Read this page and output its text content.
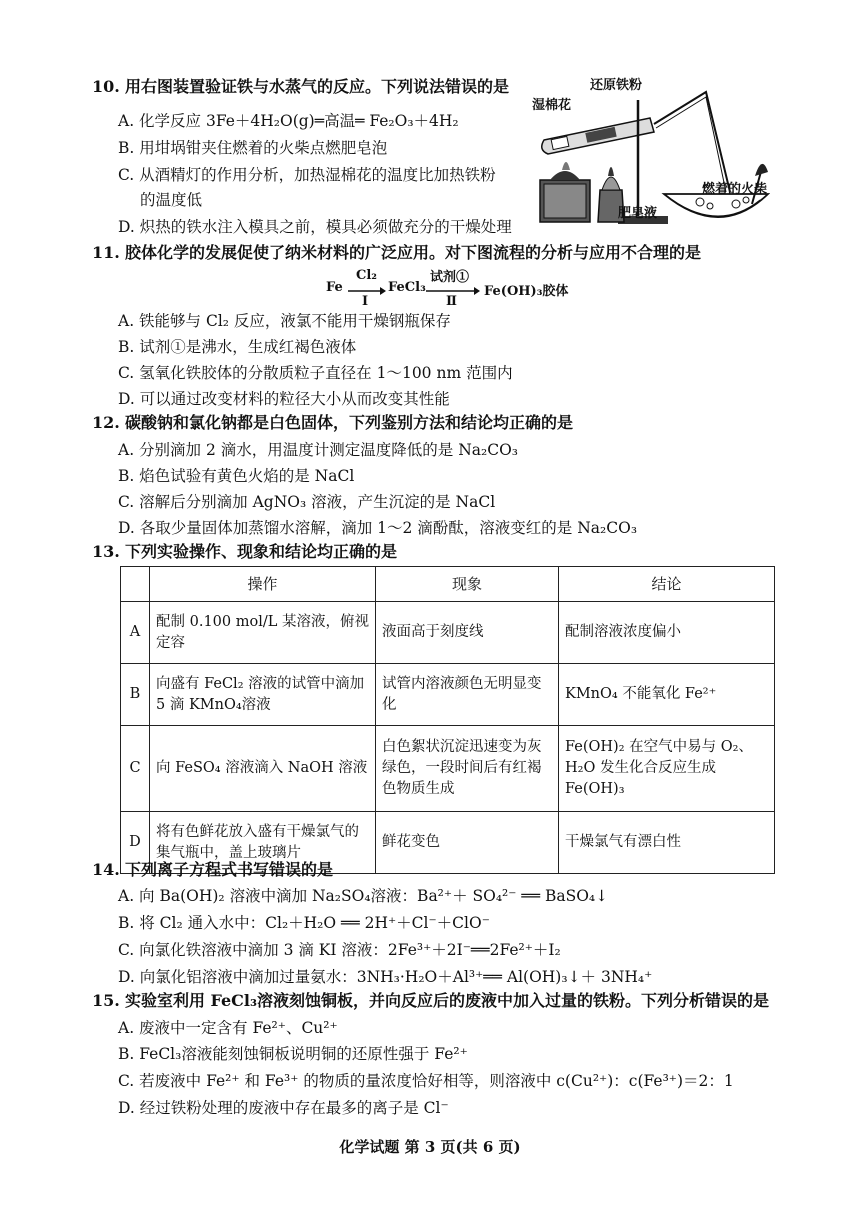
10. 用右图装置验证铁与水蒸气的反应。下列说法错误的是
A. 化学反应 3Fe＋4H₂O(g)═高温═ Fe₂O₃＋4H₂
B. 用坩埚钳夹住燃着的火柴点燃肥皂泡
C. 从酒精灯的作用分析，加热湿棉花的温度比加热铁粉
的温度低
D. 炽热的铁水注入模具之前，模具必须做充分的干燥处理
还原铁粉
湿棉花
肥皂液
燃着的火柴
11. 胶体化学的发展促使了纳米材料的广泛应用。对下图流程的分析与应用不合理的是
Fe
Cl₂
Ⅰ
FeCl₃
试剂①
Ⅱ
Fe(OH)₃胶体
A. 铁能够与 Cl₂ 反应，液氯不能用干燥钢瓶保存
B. 试剂①是沸水，生成红褐色液体
C. 氢氧化铁胶体的分散质粒子直径在 1～100 nm 范围内
D. 可以通过改变材料的粒径大小从而改变其性能
12. 碳酸钠和氯化钠都是白色固体，下列鉴别方法和结论均正确的是
A. 分别滴加 2 滴水，用温度计测定温度降低的是 Na₂CO₃
B. 焰色试验有黄色火焰的是 NaCl
C. 溶解后分别滴加 AgNO₃ 溶液，产生沉淀的是 NaCl
D. 各取少量固体加蒸馏水溶解，滴加 1～2 滴酚酞，溶液变红的是 Na₂CO₃
13. 下列实验操作、现象和结论均正确的是
	操作	现象	结论
A	配制 0.100 mol/L 某溶液，俯视定容	液面高于刻度线	配制溶液浓度偏小
B	向盛有 FeCl₂ 溶液的试管中滴加 5 滴 KMnO₄溶液	试管内溶液颜色无明显变化	KMnO₄ 不能氧化 Fe²⁺
C	向 FeSO₄ 溶液滴入 NaOH 溶液	白色絮状沉淀迅速变为灰绿色，一段时间后有红褐色物质生成	Fe(OH)₂ 在空气中易与 O₂、H₂O 发生化合反应生成 Fe(OH)₃
D	将有色鲜花放入盛有干燥氯气的集气瓶中，盖上玻璃片	鲜花变色	干燥氯气有漂白性
14. 下列离子方程式书写错误的是
A. 向 Ba(OH)₂ 溶液中滴加 Na₂SO₄溶液：Ba²⁺＋ SO₄²⁻ ══ BaSO₄↓
B. 将 Cl₂ 通入水中：Cl₂＋H₂O ══ 2H⁺＋Cl⁻＋ClO⁻
C. 向氯化铁溶液中滴加 3 滴 KI 溶液：2Fe³⁺＋2I⁻══2Fe²⁺＋I₂
D. 向氯化铝溶液中滴加过量氨水：3NH₃·H₂O＋Al³⁺══ Al(OH)₃↓＋ 3NH₄⁺
15. 实验室利用 FeCl₃溶液刻蚀铜板，并向反应后的废液中加入过量的铁粉。下列分析错误的是
A. 废液中一定含有 Fe²⁺、Cu²⁺
B. FeCl₃溶液能刻蚀铜板说明铜的还原性强于 Fe²⁺
C. 若废液中 Fe²⁺ 和 Fe³⁺ 的物质的量浓度恰好相等，则溶液中 c(Cu²⁺)：c(Fe³⁺)＝2：1
D. 经过铁粉处理的废液中存在最多的离子是 Cl⁻
化学试题 第 3 页(共 6 页)
